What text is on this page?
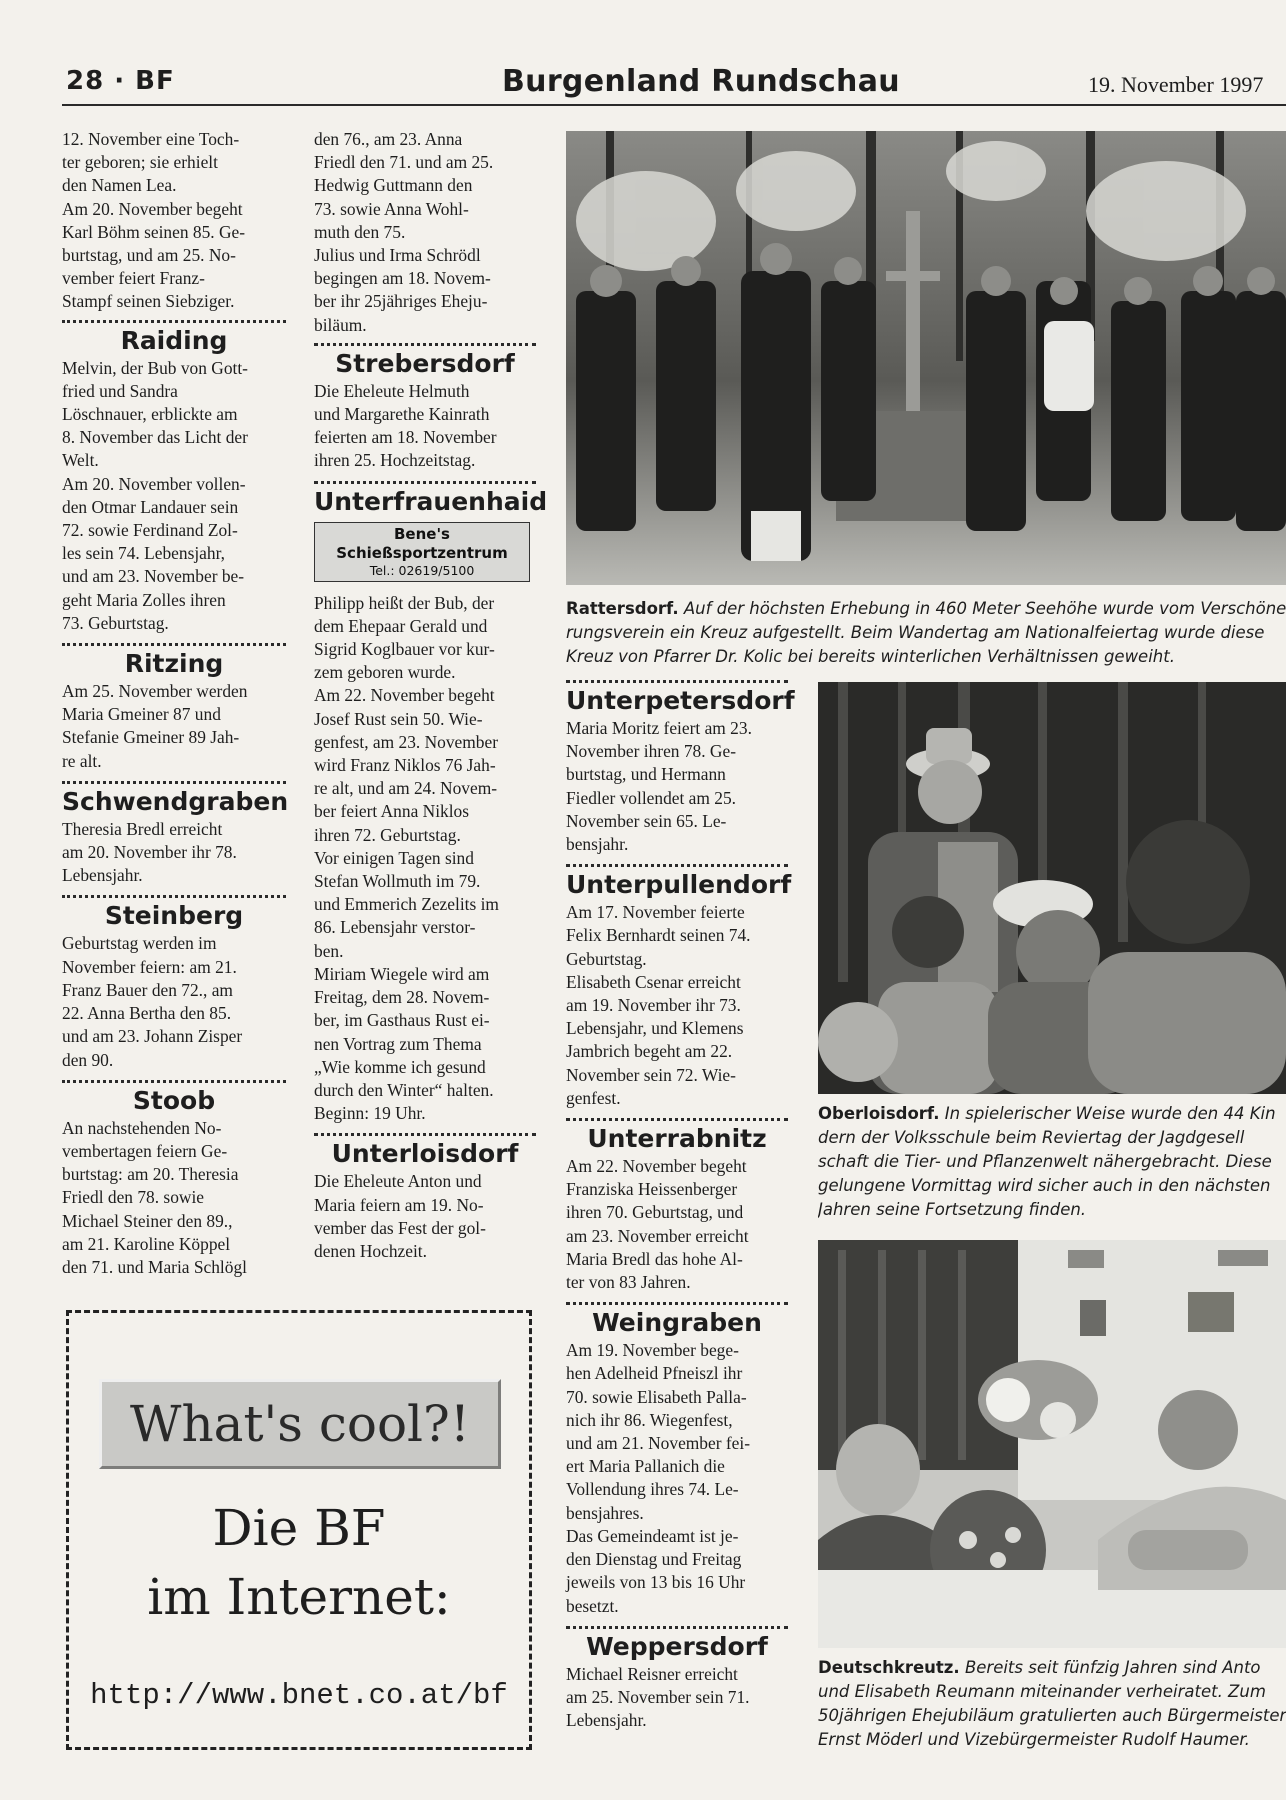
28 · BF	Burgenland Rundschau	19. November 1997

12. November eine Toch-
ter geboren; sie erhielt
den Namen Lea.
Am 20. November begeht
Karl Böhm seinen 85. Ge-
burtstag, und am 25. No-
vember feiert Franz-
Stampf seinen Siebziger.

Raiding

Melvin, der Bub von Gott-
fried und Sandra
Löschnauer, erblickte am
8. November das Licht der
Welt.
Am 20. November vollen-
den Otmar Landauer sein
72. sowie Ferdinand Zol-
les sein 74. Lebensjahr,
und am 23. November be-
geht Maria Zolles ihren
73. Geburtstag.

Ritzing

Am 25. November werden
Maria Gmeiner 87 und
Stefanie Gmeiner 89 Jah-
re alt.

Schwendgraben

Theresia Bredl erreicht
am 20. November ihr 78.
Lebensjahr.

Steinberg

Geburtstag werden im
November feiern: am 21.
Franz Bauer den 72., am
22. Anna Bertha den 85.
und am 23. Johann Zisper
den 90.

Stoob

An nachstehenden No-
vembertagen feiern Ge-
burtstag: am 20. Theresia
Friedl den 78. sowie
Michael Steiner den 89.,
am 21. Karoline Köppel
den 71. und Maria Schlögl

den 76., am 23. Anna
Friedl den 71. und am 25.
Hedwig Guttmann den
73. sowie Anna Wohl-
muth den 75.
Julius und Irma Schrödl
begingen am 18. Novem-
ber ihr 25jähriges Eheju-
biläum.

Strebersdorf

Die Eheleute Helmuth
und Margarethe Kainrath
feierten am 18. November
ihren 25. Hochzeitstag.

Unterfrauenhaid
Bene's
Schießsportzentrum
Tel.: 02619/5100

Philipp heißt der Bub, der
dem Ehepaar Gerald und
Sigrid Koglbauer vor kur-
zem geboren wurde.
Am 22. November begeht
Josef Rust sein 50. Wie-
genfest, am 23. November
wird Franz Niklos 76 Jah-
re alt, und am 24. Novem-
ber feiert Anna Niklos
ihren 72. Geburtstag.
Vor einigen Tagen sind
Stefan Wollmuth im 79.
und Emmerich Zezelits im
86. Lebensjahr verstor-
ben.
Miriam Wiegele wird am
Freitag, dem 28. Novem-
ber, im Gasthaus Rust ei-
nen Vortrag zum Thema
„Wie komme ich gesund
durch den Winter“ halten.
Beginn: 19 Uhr.

Unterloisdorf

Die Eheleute Anton und
Maria feiern am 19. No-
vember das Fest der gol-
denen Hochzeit.

Unterpetersdorf

Maria Moritz feiert am 23.
November ihren 78. Ge-
burtstag, und Hermann
Fiedler vollendet am 25.
November sein 65. Le-
bensjahr.

Unterpullendorf

Am 17. November feierte
Felix Bernhardt seinen 74.
Geburtstag.
Elisabeth Csenar erreicht
am 19. November ihr 73.
Lebensjahr, und Klemens
Jambrich begeht am 22.
November sein 72. Wie-
genfest.

Unterrabnitz

Am 22. November begeht
Franziska Heissenberger
ihren 70. Geburtstag, und
am 23. November erreicht
Maria Bredl das hohe Al-
ter von 83 Jahren.

Weingraben

Am 19. November bege-
hen Adelheid Pfneiszl ihr
70. sowie Elisabeth Palla-
nich ihr 86. Wiegenfest,
und am 21. November fei-
ert Maria Pallanich die
Vollendung ihres 74. Le-
bensjahres.
Das Gemeindeamt ist je-
den Dienstag und Freitag
jeweils von 13 bis 16 Uhr
besetzt.

Weppersdorf

Michael Reisner erreicht
am 25. November sein 71.
Lebensjahr.

Rattersdorf. Auf der höchsten Erhebung in 460 Meter Seehöhe wurde vom Verschöne
rungsverein ein Kreuz aufgestellt. Beim Wandertag am Nationalfeiertag wurde diese
Kreuz von Pfarrer Dr. Kolic bei bereits winterlichen Verhältnissen geweiht.
Oberloisdorf. In spielerischer Weise wurde den 44 Kin
dern der Volksschule beim Reviertag der Jagdgesell
schaft die Tier- und Pflanzenwelt nähergebracht. Diese
gelungene Vormittag wird sicher auch in den nächsten
Jahren seine Fortsetzung finden.
Deutschkreutz. Bereits seit fünfzig Jahren sind Anto
und Elisabeth Reumann miteinander verheiratet. Zum
50jährigen Ehejubiläum gratulierten auch Bürgermeister
Ernst Möderl und Vizebürgermeister Rudolf Haumer.
What's cool?!
Die BF
im Internet:
http://www.bnet.co.at/bf
